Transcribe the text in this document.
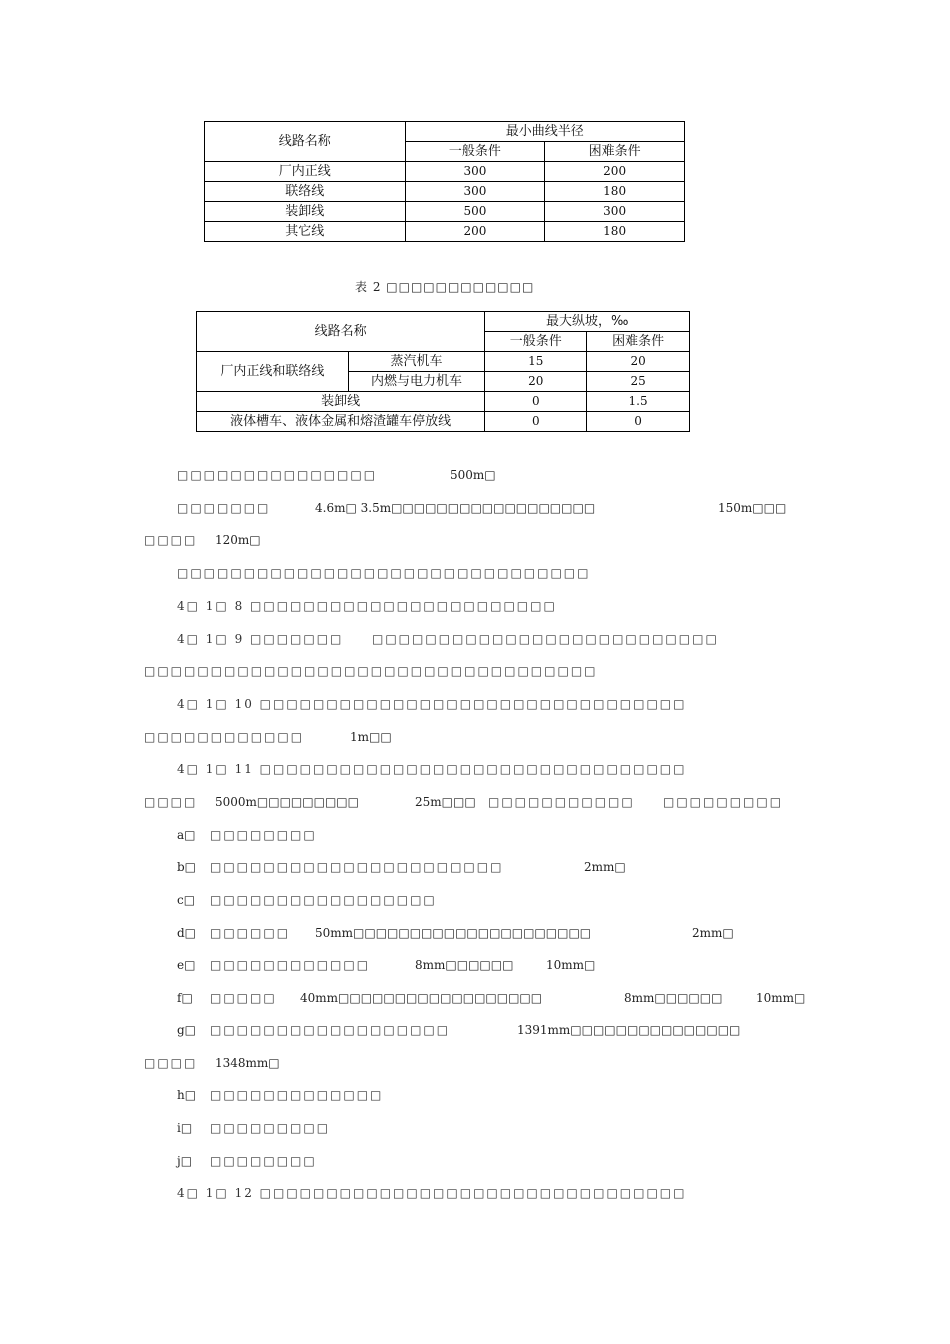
线路名称	最小曲线半径	
	一般条件	困难条件
厂内正线	300	200
联络线	300	180
装卸线	500	300
其它线	200	180
表 2 □□□□□□□□□□□□
线路名称		最大纵坡，‰	
		一般条件	困难条件
厂内正线和联络线	蒸汽机车	15	20
	内燃与电力机车	20	25
装卸线		0	1.5
液体槽车、液体金属和熔渣罐车停放线		0	0
□□□□□□□□□□□□□□□	500m□
□□□□□□□	4.6m□ 3.5m□□□□□□□□□□□□□□□□□□	150m□□□
□□□□ 120m□
□□□□□□□□□□□□□□□□□□□□□□□□□□□□□□□
4□ 1□ 8 □□□□□□□□□□□□□□□□□□□□□□□
4□ 1□ 9 □□□□□□□ □□□□□□□□□□□□□□□□□□□□□□□□□□
□□□□□□□□□□□□□□□□□□□□□□□□□□□□□□□□□□
4□ 1□ 10 □□□□□□□□□□□□□□□□□□□□□□□□□□□□□□□□
□□□□□□□□□□□□	1m□□
4□ 1□ 11 □□□□□□□□□□□□□□□□□□□□□□□□□□□□□□□□
□□□□ 5000m□□□□□□□□□	25m□□□ □□□□□□□□□□□ □□□□□□□□□
a□ □□□□□□□□
b□ □□□□□□□□□□□□□□□□□□□□□□	2mm□
c□ □□□□□□□□□□□□□□□□□
d□ □□□□□□ 50mm□□□□□□□□□□□□□□□□□□□□□	2mm□
e□ □□□□□□□□□□□□	8mm□□□□□□	10mm□
f□ □□□□□ 40mm□□□□□□□□□□□□□□□□□□	8mm□□□□□□	10mm□
g□ □□□□□□□□□□□□□□□□□□	1391mm□□□□□□□□□□□□□□□
□□□□ 1348mm□
h□ □□□□□□□□□□□□□
i□ □□□□□□□□□
j□ □□□□□□□□
4□ 1□ 12 □□□□□□□□□□□□□□□□□□□□□□□□□□□□□□□□
